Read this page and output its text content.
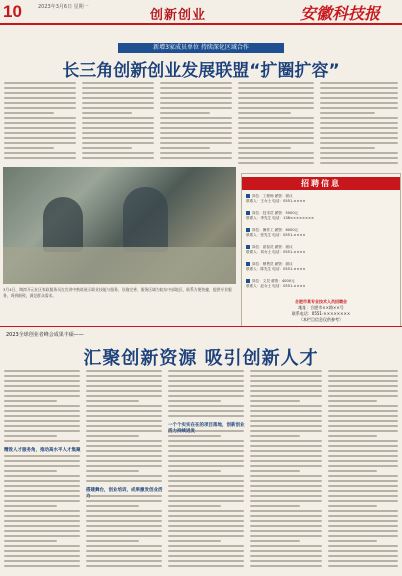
10	2023年3月6日 星期一
创新创业	安徽科技报
新增3家成员单位 持续深化区域合作
长三角创新创业发展联盟“扩圈扩容”
3月4日，陶湾开元社区家政服务员在宣讲中熟练展示职业技能与服务，设施完善，服务区域为皖东中部地区，联系方便快捷，提供专业服务，周到细致，满足群众需求。
招聘信息
岗位：工程师 薪资：面议
联系人：王女士 电话：0551-××××
岗位：技术员 薪资：5000元
联系人：李先生 电话：138××××××××
岗位：操作工 薪资：6000元
联系人：张先生 电话：0551-××××
岗位：质检员 薪资：面议
联系人：刘女士 电话：0551-××××
岗位：销售员 薪资：面议
联系人：陈先生 电话：0551-××××
岗位：文员 薪资：4000元
联系人：赵女士 电话：0551-××××
合肥市某专业技术人员招聘会
地址：合肥市××路××号
联系电话：0551-××××××××
（本栏目信息仅供参考）
2023全球创业者峰会成果丰硕——
汇聚创新资源 吸引创新人才
精致人才服务角，推动高水平人才集聚
搭建舞台，创业培训，成果激发创业活力
一个个实实在在的项目落地，创新创业活力持续迸发
